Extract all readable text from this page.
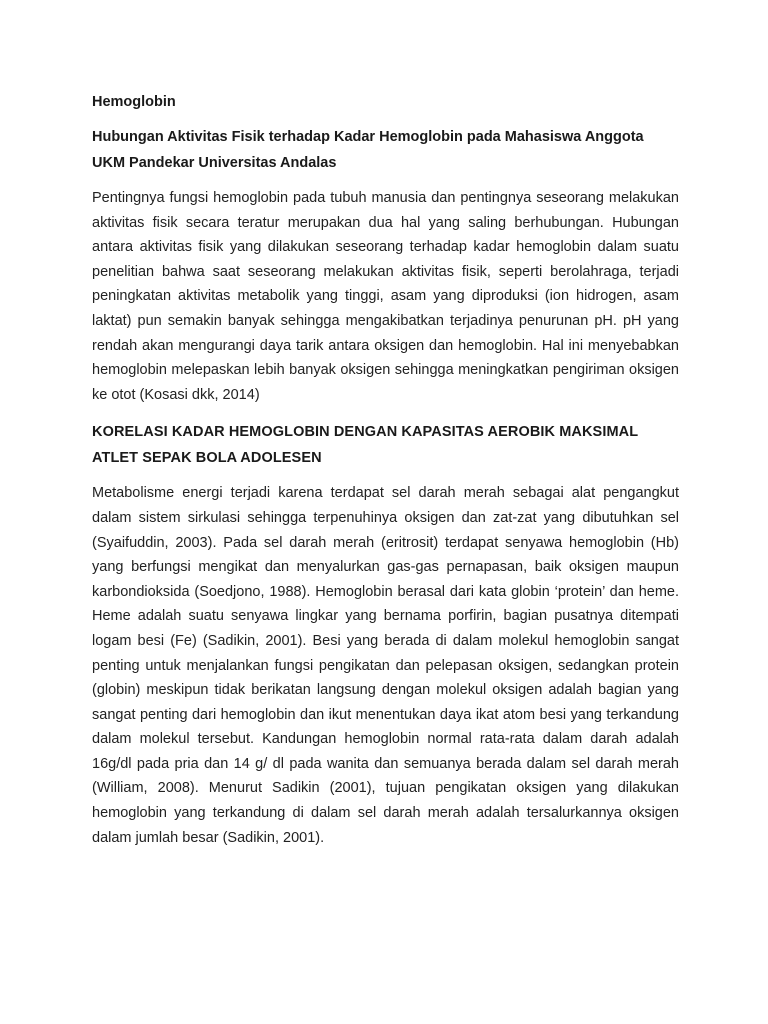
Hemoglobin
Hubungan Aktivitas Fisik terhadap Kadar Hemoglobin pada Mahasiswa Anggota UKM Pandekar Universitas Andalas

Pentingnya fungsi hemoglobin pada tubuh manusia dan pentingnya seseorang melakukan aktivitas fisik secara teratur merupakan dua hal yang saling berhubungan. Hubungan antara aktivitas fisik yang dilakukan seseorang terhadap kadar hemoglobin dalam suatu penelitian bahwa saat seseorang melakukan aktivitas fisik, seperti berolahraga, terjadi peningkatan aktivitas metabolik yang tinggi, asam yang diproduksi (ion hidrogen, asam laktat) pun semakin banyak sehingga mengakibatkan terjadinya penurunan pH. pH yang rendah akan mengurangi daya tarik antara oksigen dan hemoglobin. Hal ini menyebabkan hemoglobin melepaskan lebih banyak oksigen sehingga meningkatkan pengiriman oksigen ke otot (Kosasi dkk, 2014)

KORELASI KADAR HEMOGLOBIN DENGAN KAPASITAS AEROBIK MAKSIMAL ATLET SEPAK BOLA ADOLESEN

Metabolisme energi terjadi karena terdapat sel darah merah sebagai alat pengangkut dalam sistem sirkulasi sehingga terpenuhinya oksigen dan zat-zat yang dibutuhkan sel (Syaifuddin, 2003). Pada sel darah merah (eritrosit) terdapat senyawa hemoglobin (Hb) yang berfungsi mengikat dan menyalurkan gas-gas pernapasan, baik oksigen maupun karbondioksida (Soedjono, 1988). Hemoglobin berasal dari kata globin ‘protein’ dan heme. Heme adalah suatu senyawa lingkar yang bernama porfirin, bagian pusatnya ditempati logam besi (Fe) (Sadikin, 2001). Besi yang berada di dalam molekul hemoglobin sangat penting untuk menjalankan fungsi pengikatan dan pelepasan oksigen, sedangkan protein (globin) meskipun tidak berikatan langsung dengan molekul oksigen adalah bagian yang sangat penting dari hemoglobin dan ikut menentukan daya ikat atom besi yang terkandung dalam molekul tersebut. Kandungan hemoglobin normal rata-rata dalam darah adalah 16g/dl pada pria dan 14 g/ dl pada wanita dan semuanya berada dalam sel darah merah (William, 2008). Menurut Sadikin (2001), tujuan pengikatan oksigen yang dilakukan hemoglobin yang terkandung di dalam sel darah merah adalah tersalurkannya oksigen dalam jumlah besar (Sadikin, 2001).
